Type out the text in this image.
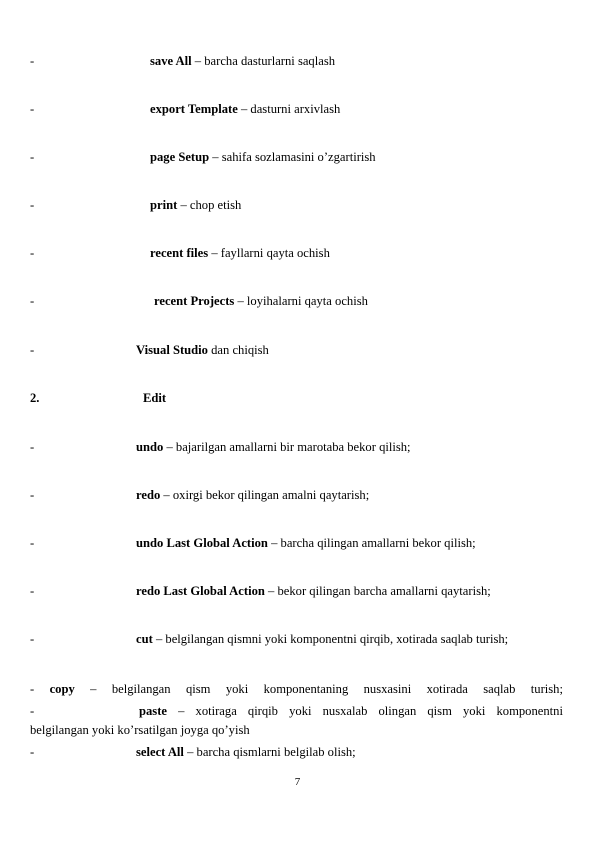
-	save All – barcha dasturlarni saqlash
-	export Template – dasturni arxivlash
-	page Setup – sahifa sozlamasini o’zgartirish
-	print – chop etish
-	recent files – fayllarni qayta ochish
-	recent Projects – loyihalarni qayta ochish
-	Visual Studio dan chiqish
2.	Edit
-	undo – bajarilgan amallarni bir marotaba bekor qilish;
-	redo – oxirgi bekor qilingan amalni qaytarish;
-	undo Last Global Action – barcha qilingan amallarni bekor qilish;
-	redo Last Global Action – bekor qilingan barcha amallarni qaytarish;
-	cut – belgilangan qismni yoki komponentni qirqib, xotirada saqlab turish;
- copy – belgilangan qism yoki komponentaning nusxasini xotirada saqlab turish;
-	paste – xotiraga qirqib yoki nusxalab olingan qism yoki komponentni
belgilangan yoki ko’rsatilgan joyga qo’yish
-	select All – barcha qismlarni belgilab olish;
7
